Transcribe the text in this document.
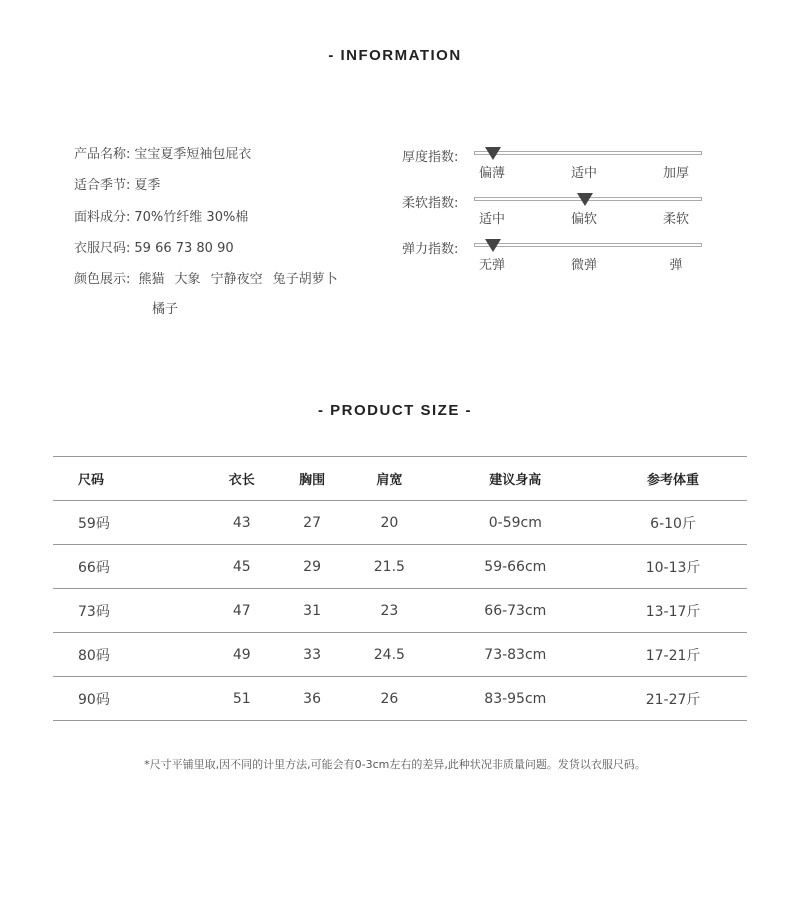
- INFORMATION
产品名称: 宝宝夏季短袖包屁衣
适合季节: 夏季
面料成分: 70%竹纤维 30%棉
衣服尺码: 59 66 73 80 90
颜色展示: 熊猫 大象 宁静夜空 兔子胡萝卜
橘子
厚度指数:
偏薄	适中	加厚
柔软指数:
适中	偏软	柔软
弹力指数:
无弹	微弹	弹
- PRODUCT SIZE -
尺码	衣长	胸围	肩宽	建议身高	参考体重
59码	43	27	20	0-59cm	6-10斤
66码	45	29	21.5	59-66cm	10-13斤
73码	47	31	23	66-73cm	13-17斤
80码	49	33	24.5	73-83cm	17-21斤
90码	51	36	26	83-95cm	21-27斤
*尺寸平铺里取,因不同的计里方法,可能会有0-3cm左右的差异,此种状况非质量问题。发货以衣服尺码。
